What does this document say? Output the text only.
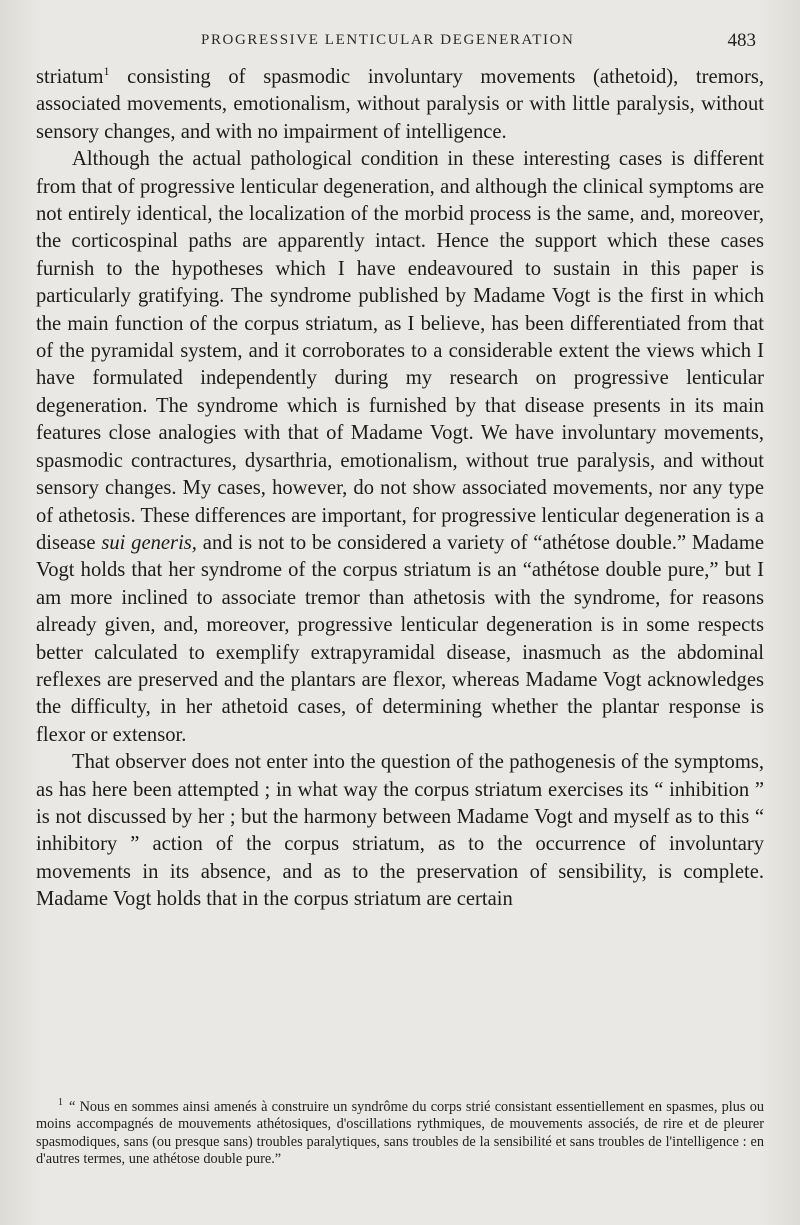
PROGRESSIVE LENTICULAR DEGENERATION	483

striatum$^1$ consisting of spasmodic involuntary movements (athetoid), tremors, associated movements, emotionalism, without paralysis or with little paralysis, without sensory changes, and with no impairment of intelligence.

Although the actual pathological condition in these interesting cases is different from that of progressive lenticular degeneration, and although the clinical symptoms are not entirely identical, the localization of the morbid process is the same, and, moreover, the corticospinal paths are apparently intact. Hence the support which these cases furnish to the hypotheses which I have endeavoured to sustain in this paper is particularly gratifying. The syndrome published by Madame Vogt is the first in which the main function of the corpus striatum, as I believe, has been differentiated from that of the pyramidal system, and it corroborates to a considerable extent the views which I have formulated independently during my research on progressive lenticular degeneration. The syndrome which is furnished by that disease presents in its main features close analogies with that of Madame Vogt. We have involuntary movements, spasmodic contractures, dysarthria, emotionalism, without true paralysis, and without sensory changes. My cases, however, do not show associated movements, nor any type of athetosis. These differences are important, for progressive lenticular degeneration is a disease sui generis, and is not to be considered a variety of “athétose double.” Madame Vogt holds that her syndrome of the corpus striatum is an “athétose double pure,” but I am more inclined to associate tremor than athetosis with the syndrome, for reasons already given, and, moreover, progressive lenticular degeneration is in some respects better calculated to exemplify extrapyramidal disease, inasmuch as the abdominal reflexes are preserved and the plantars are flexor, whereas Madame Vogt acknowledges the difficulty, in her athetoid cases, of determining whether the plantar response is flexor or extensor.

That observer does not enter into the question of the pathogenesis of the symptoms, as has here been attempted ; in what way the corpus striatum exercises its “ inhibition ” is not discussed by her ; but the harmony between Madame Vogt and myself as to this “ inhibitory ” action of the corpus striatum, as to the occurrence of involuntary movements in its absence, and as to the preservation of sensibility, is complete. Madame Vogt holds that in the corpus striatum are certain

$^1$ “ Nous en sommes ainsi amenés à construire un syndrôme du corps strié consistant essentiellement en spasmes, plus ou moins accompagnés de mouvements athétosiques, d'oscillations rythmiques, de mouvements associés, de rire et de pleurer spasmodiques, sans (ou presque sans) troubles paralytiques, sans troubles de la sensibilité et sans troubles de l'intelligence : en d'autres termes, une athétose double pure.”
